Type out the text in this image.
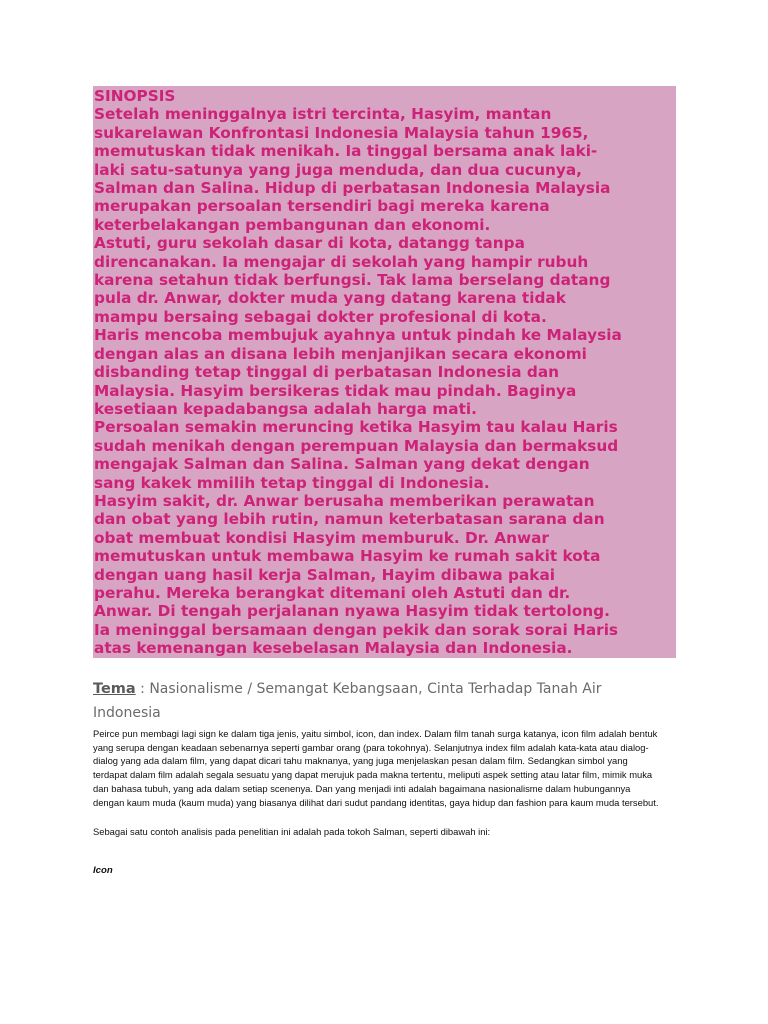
SINOPSIS
Setelah meninggalnya istri tercinta, Hasyim, mantan
sukarelawan Konfrontasi Indonesia Malaysia tahun 1965,
memutuskan tidak menikah. Ia tinggal bersama anak laki-
laki satu-satunya yang juga menduda, dan dua cucunya,
Salman dan Salina. Hidup di perbatasan Indonesia Malaysia
merupakan persoalan tersendiri bagi mereka karena
keterbelakangan pembangunan dan ekonomi.
Astuti, guru sekolah dasar di kota, datangg tanpa
direncanakan. Ia mengajar di sekolah yang hampir rubuh
karena setahun tidak berfungsi. Tak lama berselang datang
pula dr. Anwar, dokter muda yang datang karena tidak
mampu bersaing sebagai dokter profesional di kota.
Haris mencoba membujuk ayahnya untuk pindah ke Malaysia
dengan alas an disana lebih menjanjikan secara ekonomi
disbanding tetap tinggal di perbatasan Indonesia dan
Malaysia. Hasyim bersikeras tidak mau pindah. Baginya
kesetiaan kepadabangsa adalah harga mati.
Persoalan semakin meruncing ketika Hasyim tau kalau Haris
sudah menikah dengan perempuan Malaysia dan bermaksud
mengajak Salman dan Salina. Salman yang dekat dengan
sang kakek mmilih tetap tinggal di Indonesia.
Hasyim sakit, dr. Anwar berusaha memberikan perawatan
dan obat yang lebih rutin, namun keterbatasan sarana dan
obat membuat kondisi Hasyim memburuk. Dr. Anwar
memutuskan untuk membawa Hasyim ke rumah sakit kota
dengan uang hasil kerja Salman, Hayim dibawa pakai
perahu. Mereka berangkat ditemani oleh Astuti dan dr.
Anwar. Di tengah perjalanan nyawa Hasyim tidak tertolong.
Ia meninggal bersamaan dengan pekik dan sorak sorai Haris
atas kemenangan kesebelasan Malaysia dan Indonesia.

Tema : Nasionalisme / Semangat Kebangsaan, Cinta Terhadap Tanah Air
Indonesia

Peirce pun membagi lagi sign ke dalam tiga jenis, yaitu simbol, icon, dan index. Dalam film tanah surga katanya, icon film adalah bentuk
yang serupa dengan keadaan sebenarnya seperti gambar orang (para tokohnya). Selanjutnya index film adalah kata-kata atau dialog-
dialog yang ada dalam film, yang dapat dicari tahu maknanya, yang juga menjelaskan pesan dalam film. Sedangkan simbol yang
terdapat dalam film adalah segala sesuatu yang dapat merujuk pada makna tertentu, meliputi aspek setting atau latar film, mimik muka
dan bahasa tubuh, yang ada dalam setiap scenenya. Dan yang menjadi inti adalah bagaimana nasionalisme dalam hubungannya
dengan kaum muda (kaum muda) yang biasanya dilihat dari sudut pandang identitas, gaya hidup dan fashion para kaum muda tersebut.

Sebagai satu contoh analisis pada penelitian ini adalah pada tokoh Salman, seperti dibawah ini:

Icon
